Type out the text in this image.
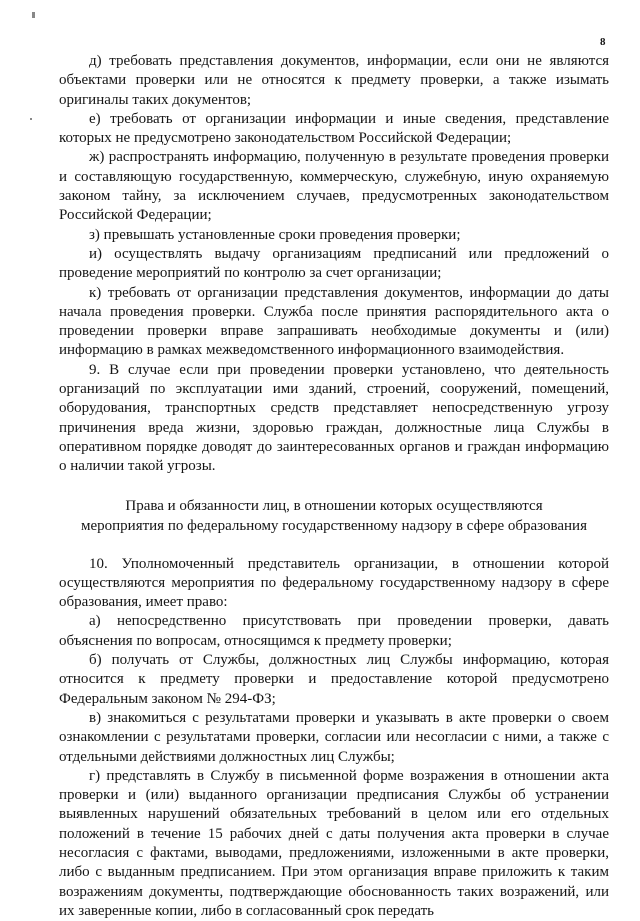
8

д) требовать представления документов, информации, если они не являются объектами проверки или не относятся к предмету проверки, а также изымать оригиналы таких документов;

е) требовать от организации информации и иные сведения, представление которых не предусмотрено законодательством Российской Федерации;

ж) распространять информацию, полученную в результате проведения проверки и составляющую государственную, коммерческую, служебную, иную охраняемую законом тайну, за исключением случаев, предусмотренных законодательством Российской Федерации;

з) превышать установленные сроки проведения проверки;

и) осуществлять выдачу организациям предписаний или предложений о проведение мероприятий по контролю за счет организации;

к) требовать от организации представления документов, информации до даты начала проведения проверки. Служба после принятия распорядительного акта о проведении проверки вправе запрашивать необходимые документы и (или) информацию в рамках межведомственного информационного взаимодействия.

9. В случае если при проведении проверки установлено, что деятельность организаций по эксплуатации ими зданий, строений, сооружений, помещений, оборудования, транспортных средств представляет непосредственную угрозу причинения вреда жизни, здоровью граждан, должностные лица Службы в оперативном порядке доводят до заинтересованных органов и граждан информацию о наличии такой угрозы.

Права и обязанности лиц, в отношении которых осуществляются
мероприятия по федеральному государственному надзору в сфере образования

10. Уполномоченный представитель организации, в отношении которой осуществляются мероприятия по федеральному государственному надзору в сфере образования, имеет право:

а) непосредственно присутствовать при проведении проверки, давать объяснения по вопросам, относящимся к предмету проверки;

б) получать от Службы, должностных лиц Службы информацию, которая относится к предмету проверки и предоставление которой предусмотрено Федеральным законом № 294-ФЗ;

в) знакомиться с результатами проверки и указывать в акте проверки о своем ознакомлении с результатами проверки, согласии или несогласии с ними, а также с отдельными действиями должностных лиц Службы;

г) представлять в Службу в письменной форме возражения в отношении акта проверки и (или) выданного организации предписания Службы об устранении выявленных нарушений обязательных требований в целом или его отдельных положений в течение 15 рабочих дней с даты получения акта проверки в случае несогласия с фактами, выводами, предложениями, изложенными в акте проверки, либо с выданным предписанием. При этом организация вправе приложить к таким возражениям документы, подтверждающие обоснованность таких возражений, или их заверенные копии, либо в согласованный срок передать
